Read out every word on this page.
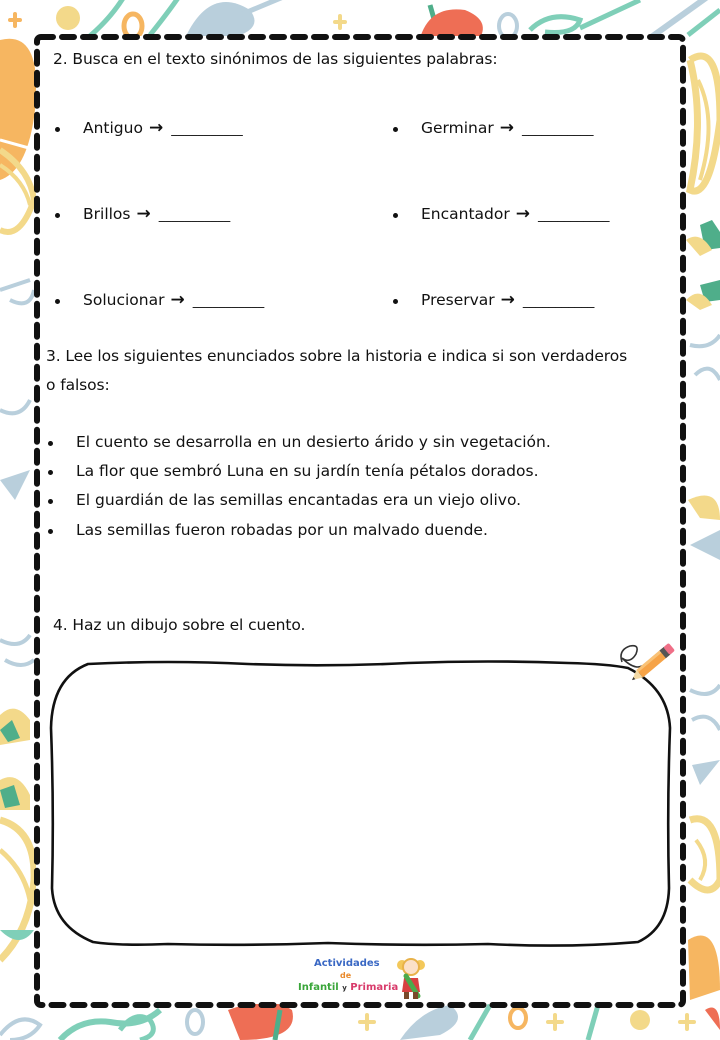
2. Busca en el texto sinónimos de las siguientes palabras:
Antiguo → ___________
Brillos → ___________
Solucionar → ___________
Germinar → ___________
Encantador → ___________
Preservar → ___________
3. Lee los siguientes enunciados sobre la historia e indica si son verdaderos
o falsos:
El cuento se desarrolla en un desierto árido y sin vegetación.
La flor que sembró Luna en su jardín tenía pétalos dorados.
El guardián de las semillas encantadas era un viejo olivo.
Las semillas fueron robadas por un malvado duende.
4. Haz un dibujo sobre el cuento.
Actividades
de
Infantil y Primaria
